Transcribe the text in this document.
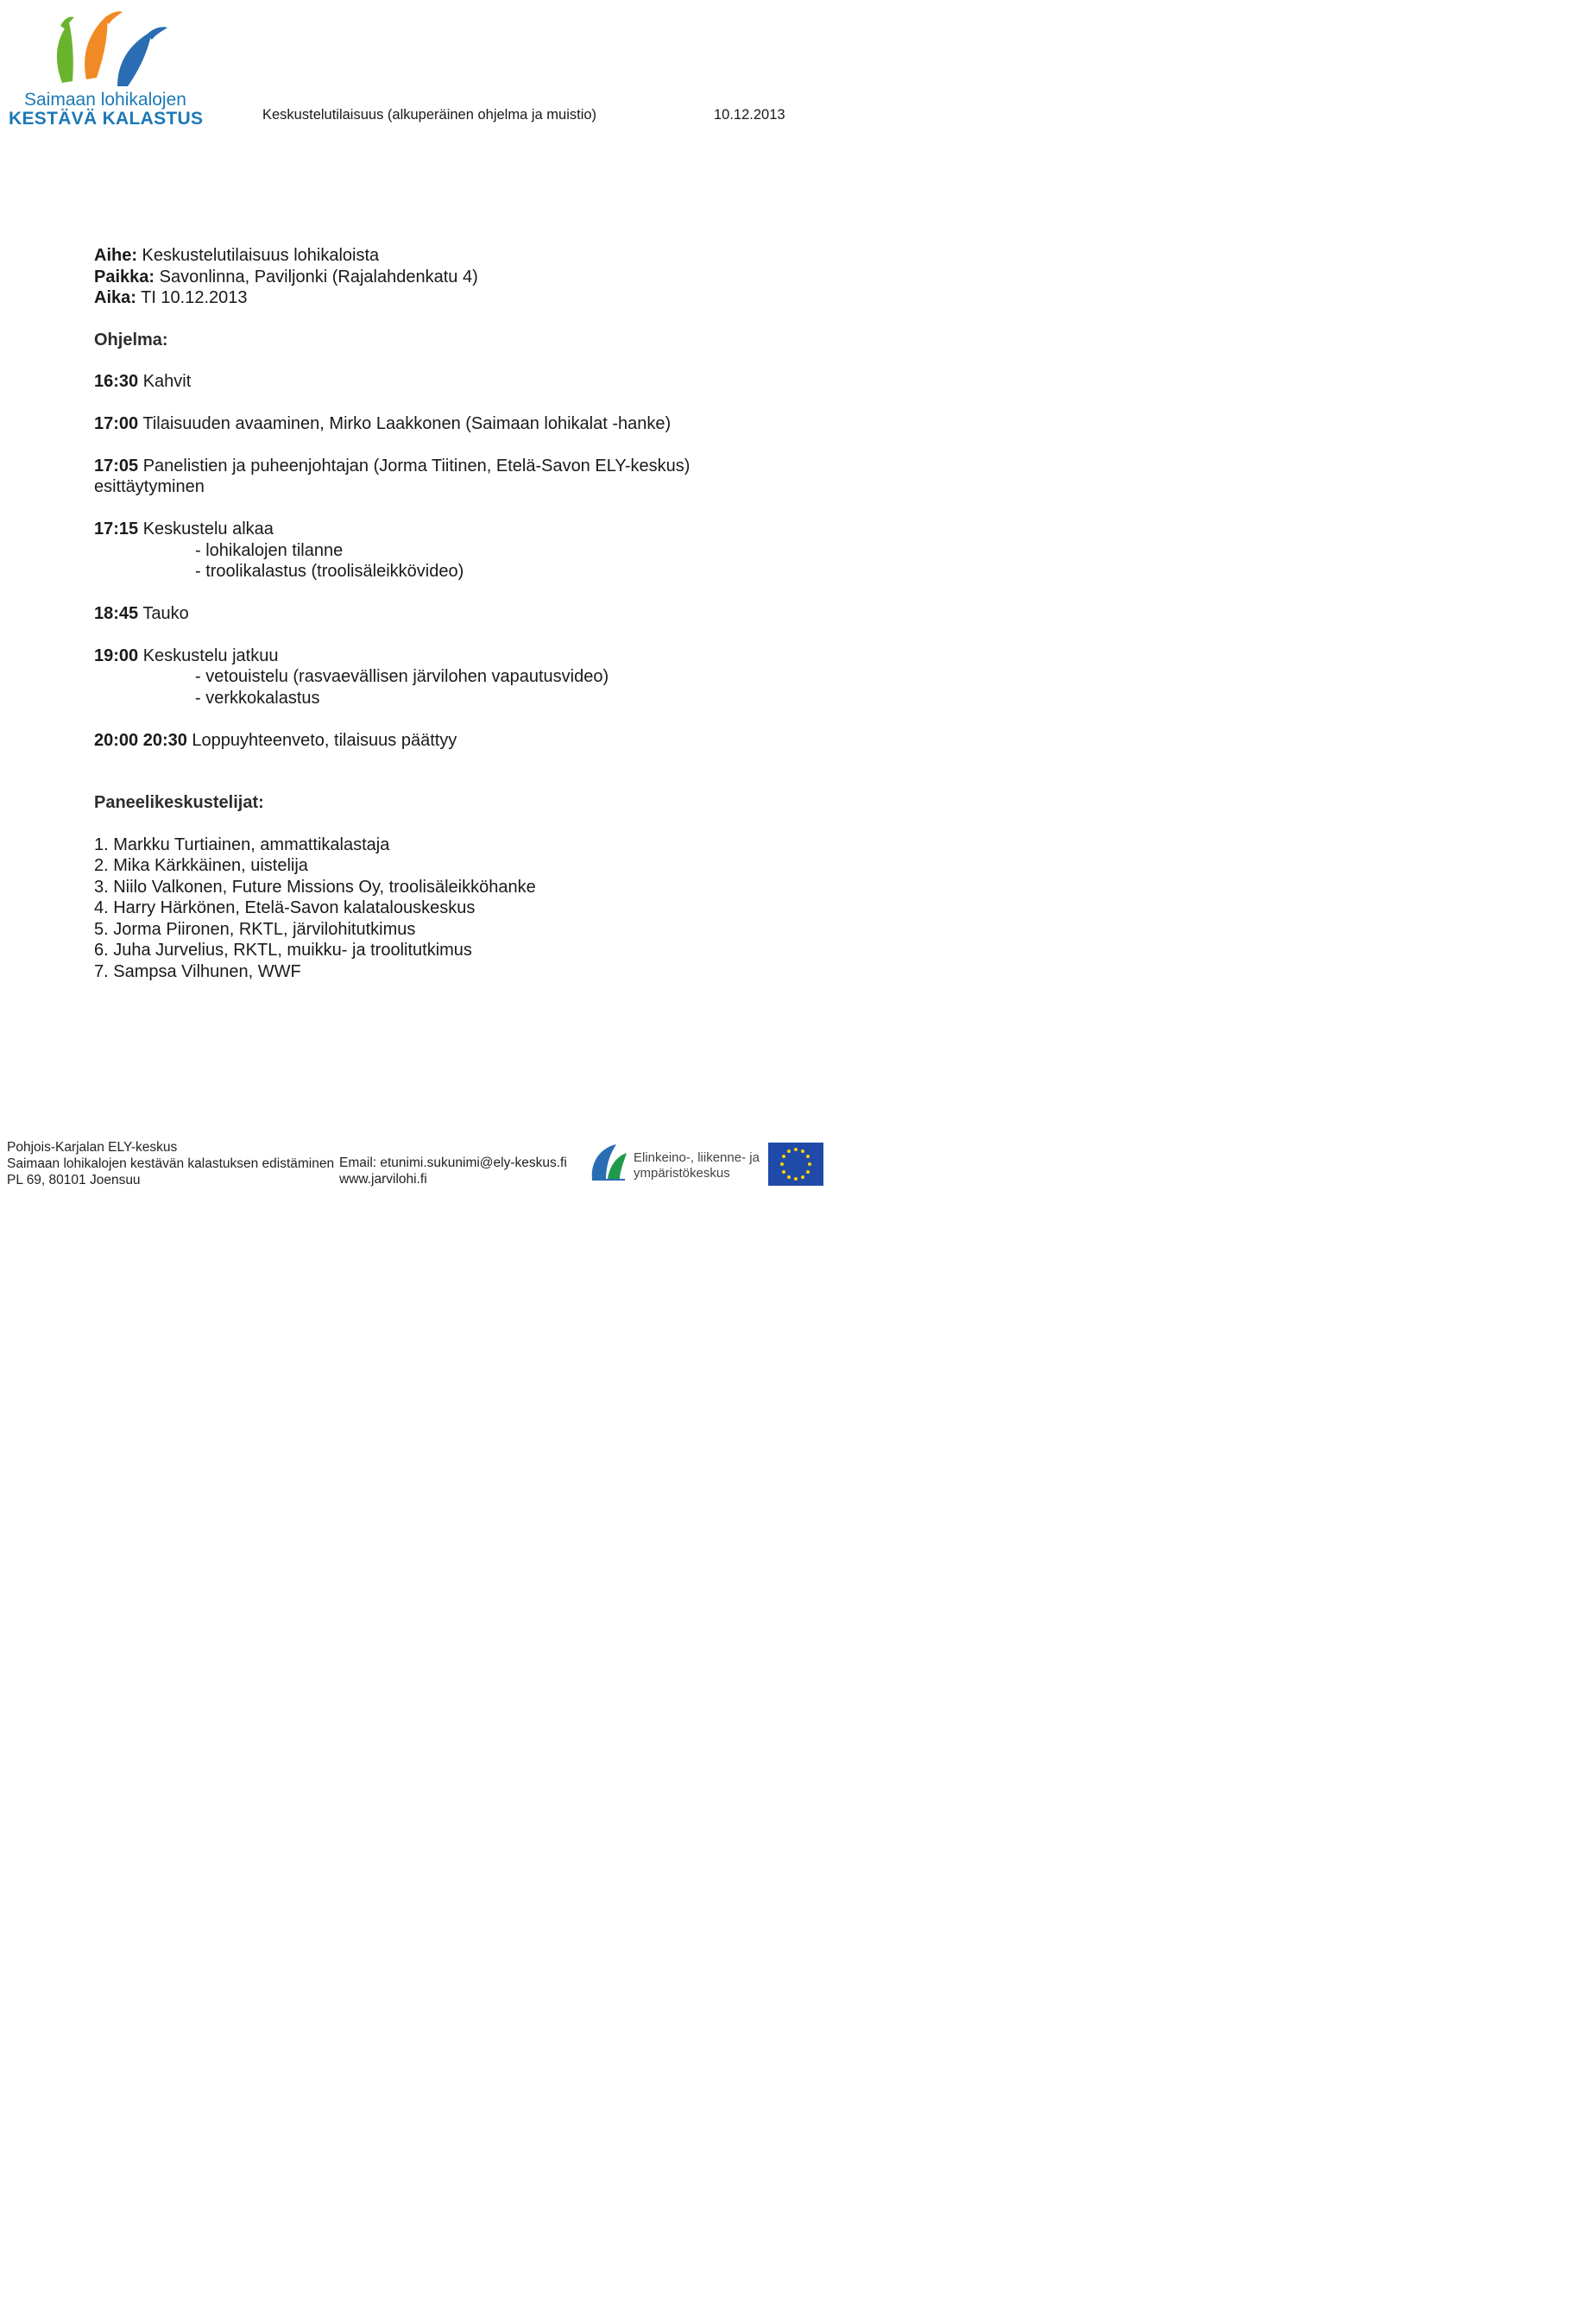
Saimaan lohikalojen
KESTÄVÄ KALASTUS	Keskustelutilaisuus (alkuperäinen ohjelma ja muistio)	10.12.2013
Aihe: Keskustelutilaisuus lohikaloista
Paikka: Savonlinna, Paviljonki (Rajalahdenkatu 4)
Aika: TI 10.12.2013
Ohjelma:
16:30 Kahvit
17:00 Tilaisuuden avaaminen, Mirko Laakkonen (Saimaan lohikalat -hanke)
17:05 Panelistien ja puheenjohtajan (Jorma Tiitinen, Etelä-Savon ELY-keskus)
esittäytyminen
17:15 Keskustelu alkaa
- lohikalojen tilanne
- troolikalastus (troolisäleikkövideo)
18:45 Tauko
19:00 Keskustelu jatkuu
- vetouistelu (rasvaevällisen järvilohen vapautusvideo)
- verkkokalastus
20:00 20:30 Loppuyhteenveto, tilaisuus päättyy
Paneelikeskustelijat:
1. Markku Turtiainen, ammattikalastaja
2. Mika Kärkkäinen, uistelija
3. Niilo Valkonen, Future Missions Oy, troolisäleikköhanke
4. Harry Härkönen, Etelä-Savon kalatalouskeskus
5. Jorma Piironen, RKTL, järvilohitutkimus
6. Juha Jurvelius, RKTL, muikku- ja troolitutkimus
7. Sampsa Vilhunen, WWF
Pohjois-Karjalan ELY-keskus
Saimaan lohikalojen kestävän kalastuksen edistäminen
PL 69, 80101 Joensuu
Email: etunimi.sukunimi@ely-keskus.fi
www.jarvilohi.fi
Elinkeino-, liikenne- ja
ympäristökeskus
Life
